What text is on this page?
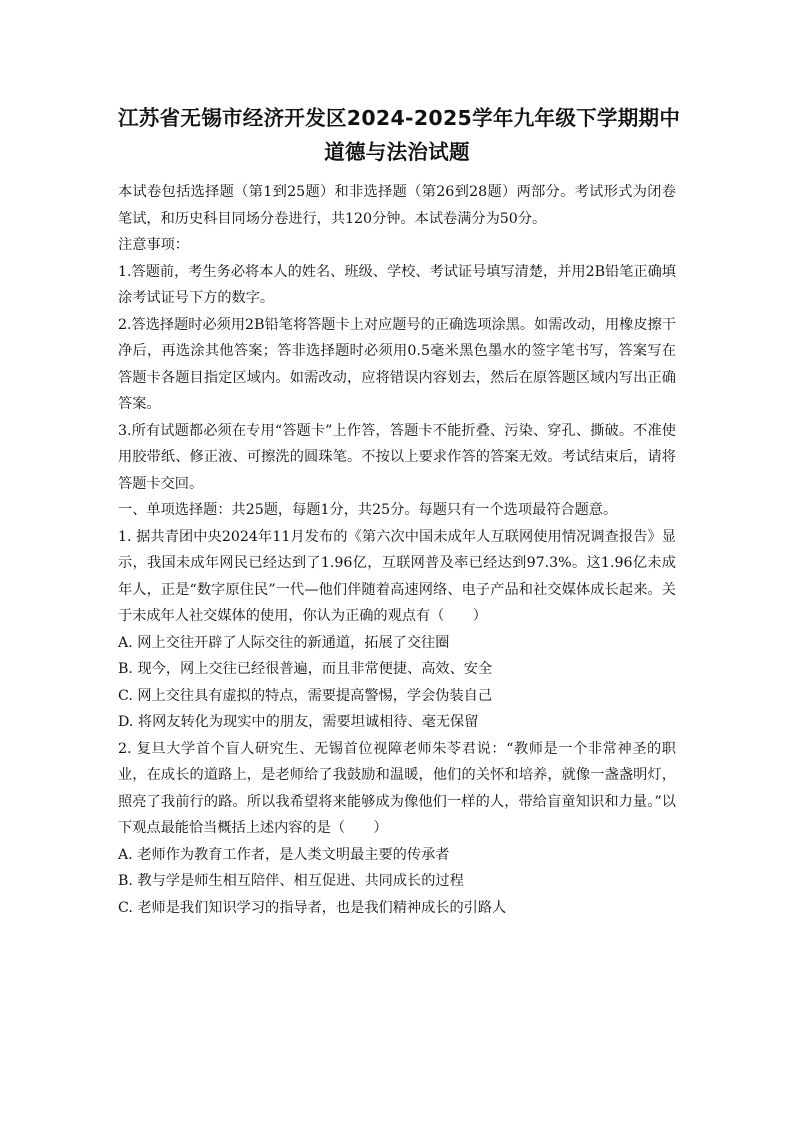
江苏省无锡市经济开发区2024-2025学年九年级下学期期中
道德与法治试题

本试卷包括选择题（第1到25题）和非选择题（第26到28题）两部分。考试形式为闭卷笔试，和历史科目同场分卷进行，共120分钟。本试卷满分为50分。

注意事项：

1.答题前，考生务必将本人的姓名、班级、学校、考试证号填写清楚，并用2B铅笔正确填涂考试证号下方的数字。

2.答选择题时必须用2B铅笔将答题卡上对应题号的正确选项涂黑。如需改动，用橡皮擦干净后，再选涂其他答案；答非选择题时必须用0.5毫米黑色墨水的签字笔书写，答案写在答题卡各题目指定区域内。如需改动，应将错误内容划去，然后在原答题区域内写出正确答案。

3.所有试题都必须在专用“答题卡”上作答，答题卡不能折叠、污染、穿孔、撕破。不准使用胶带纸、修正液、可擦洗的圆珠笔。不按以上要求作答的答案无效。考试结束后，请将答题卡交回。

一、单项选择题：共25题，每题1分，共25分。每题只有一个选项最符合题意。

1. 据共青团中央2024年11月发布的《第六次中国未成年人互联网使用情况调查报告》显示，我国未成年网民已经达到了1.96亿，互联网普及率已经达到97.3%。这1.96亿未成年人，正是“数字原住民”一代—他们伴随着高速网络、电子产品和社交媒体成长起来。关于未成年人社交媒体的使用，你认为正确的观点有（　　）

A. 网上交往开辟了人际交往的新通道，拓展了交往圈

B. 现今，网上交往已经很普遍，而且非常便捷、高效、安全

C. 网上交往具有虚拟的特点，需要提高警惕，学会伪装自己

D. 将网友转化为现实中的朋友，需要坦诚相待、毫无保留

2. 复旦大学首个盲人研究生、无锡首位视障老师朱苓君说：“教师是一个非常神圣的职业，在成长的道路上，是老师给了我鼓励和温暖，他们的关怀和培养，就像一盏盏明灯，照亮了我前行的路。所以我希望将来能够成为像他们一样的人，带给盲童知识和力量。”以下观点最能恰当概括上述内容的是（　　）

A. 老师作为教育工作者，是人类文明最主要的传承者

B. 教与学是师生相互陪伴、相互促进、共同成长的过程

C. 老师是我们知识学习的指导者，也是我们精神成长的引路人
